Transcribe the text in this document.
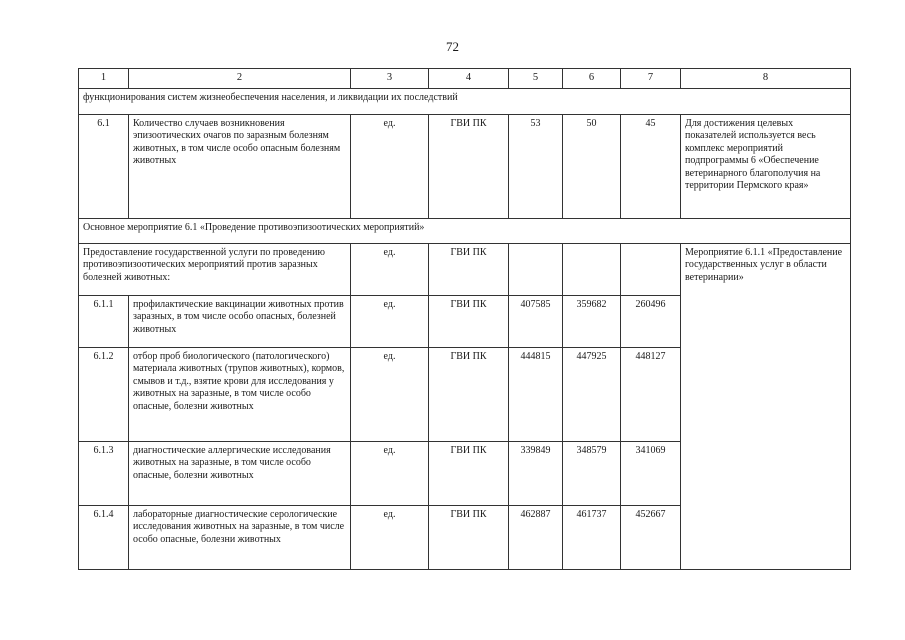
72
1	2	3	4	5	6	7	8
функционирования систем жизнеобеспечения населения, и ликвидации их последствий							
6.1	Количество случаев возникновения эпизоотических очагов по заразным болезням животных, в том числе особо опасным болезням животных	ед.	ГВИ ПК	53	50	45	Для достижения целевых показателей используется весь комплекс мероприятий подпрограммы 6 «Обеспечение ветеринарного благополучия на территории Пермского края»
Основное мероприятие 6.1 «Проведение противоэпизоотических мероприятий»							
Предоставление государственной услуги по проведению противоэпизоотических мероприятий против заразных болезней животных:		ед.	ГВИ ПК				Мероприятие 6.1.1 «Предоставление государственных услуг в области ветеринарии»
6.1.1	профилактические вакцинации животных против заразных, в том числе особо опасных, болезней животных	ед.	ГВИ ПК	407585	359682	260496	
6.1.2	отбор проб биологического (патологического) материала животных (трупов животных), кормов, смывов и т.д., взятие крови для исследования у животных на заразные, в том числе особо опасные, болезни животных	ед.	ГВИ ПК	444815	447925	448127	
6.1.3	диагностические аллергические исследования животных на заразные, в том числе особо опасные, болезни животных	ед.	ГВИ ПК	339849	348579	341069	
6.1.4	лабораторные диагностические серологические исследования животных на заразные, в том числе особо опасные, болезни животных	ед.	ГВИ ПК	462887	461737	452667	
